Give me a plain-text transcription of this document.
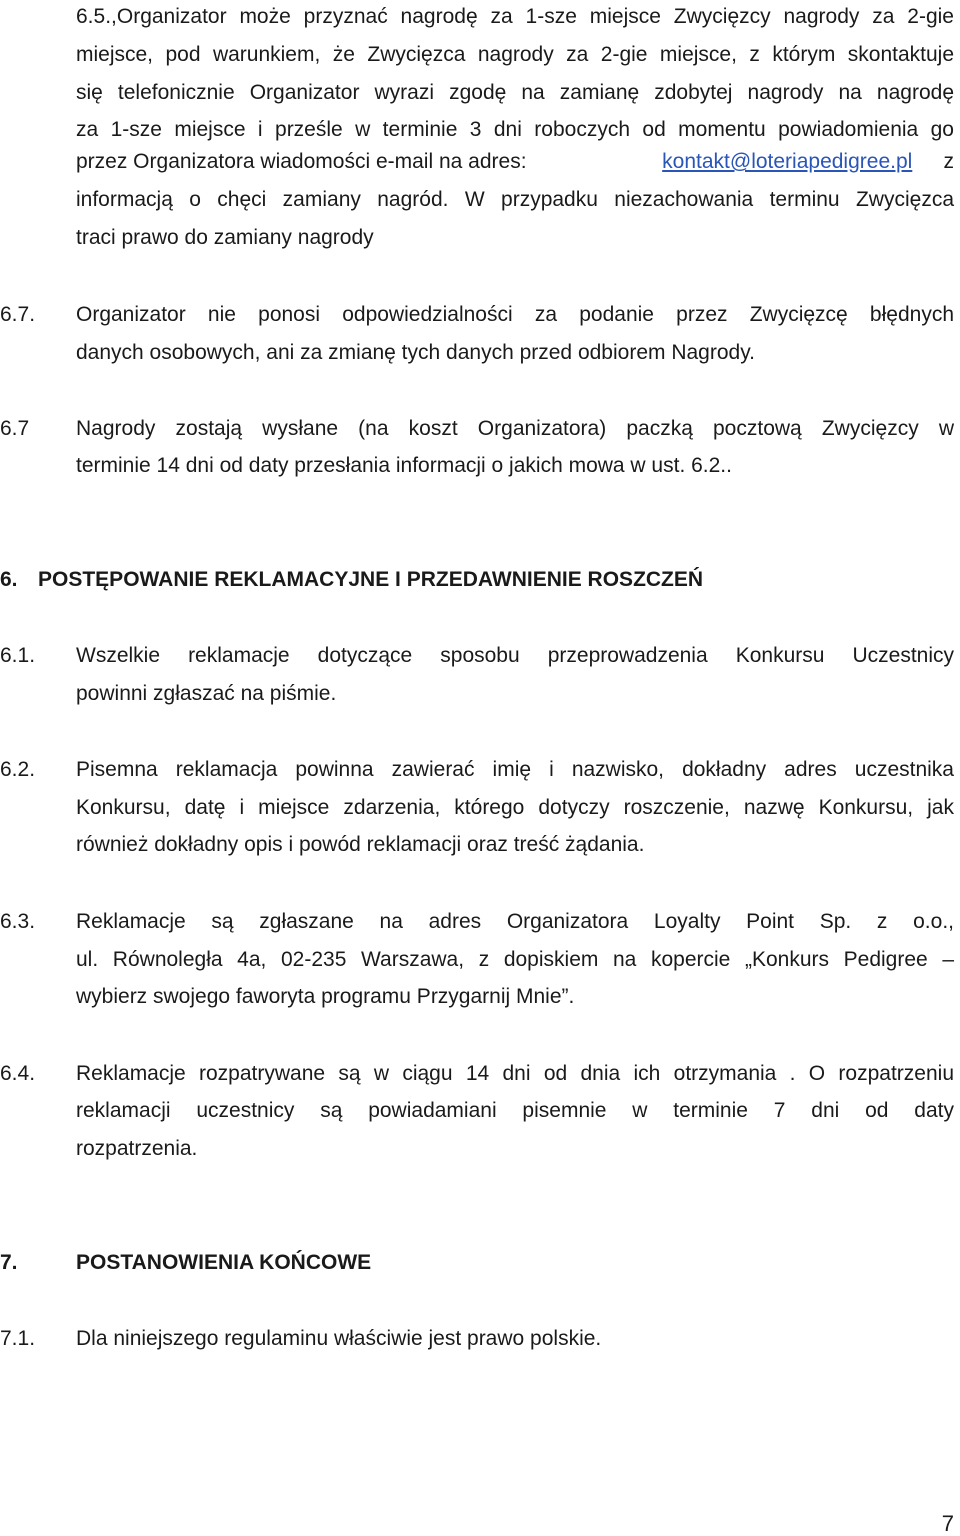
6.5.,Organizator może przyznać nagrodę za 1-sze miejsce Zwycięzcy nagrody za 2-gie
miejsce, pod warunkiem, że Zwycięzca nagrody za 2-gie miejsce, z którym skontaktuje
się telefonicznie Organizator wyrazi zgodę na zamianę zdobytej nagrody na nagrodę
za 1-sze miejsce i prześle w terminie 3 dni roboczych od momentu powiadomienia go
przez Organizatora wiadomości e-mail na adres:	kontakt@loteriapedigree.pl z
informacją o chęci zamiany nagród. W przypadku niezachowania terminu Zwycięzca
traci prawo do zamiany nagrody
6.7. Organizator nie ponosi odpowiedzialności za podanie przez Zwycięzcę błędnych
danych osobowych, ani za zmianę tych danych przed odbiorem Nagrody.
6.7 Nagrody zostają wysłane (na koszt Organizatora) paczką pocztową Zwycięzcy w
terminie 14 dni od daty przesłania informacji o jakich mowa w ust. 6.2..
6. POSTĘPOWANIE REKLAMACYJNE I PRZEDAWNIENIE ROSZCZEŃ
6.1. Wszelkie reklamacje dotyczące sposobu przeprowadzenia Konkursu Uczestnicy
powinni zgłaszać na piśmie.
6.2. Pisemna reklamacja powinna zawierać imię i nazwisko, dokładny adres uczestnika
Konkursu, datę i miejsce zdarzenia, którego dotyczy roszczenie, nazwę Konkursu, jak
również dokładny opis i powód reklamacji oraz treść żądania.
6.3. Reklamacje są zgłaszane na adres Organizatora Loyalty Point Sp. z o.o.,
ul. Równoległa 4a, 02-235 Warszawa, z dopiskiem na kopercie „Konkurs Pedigree –
wybierz swojego faworyta programu Przygarnij Mnie”.
6.4. Reklamacje rozpatrywane są w ciągu 14 dni od dnia ich otrzymania . O rozpatrzeniu
reklamacji uczestnicy są powiadamiani pisemnie w terminie 7 dni od daty
rozpatrzenia.
7.	POSTANOWIENIA KOŃCOWE
7.1. Dla niniejszego regulaminu właściwie jest prawo polskie.
7
